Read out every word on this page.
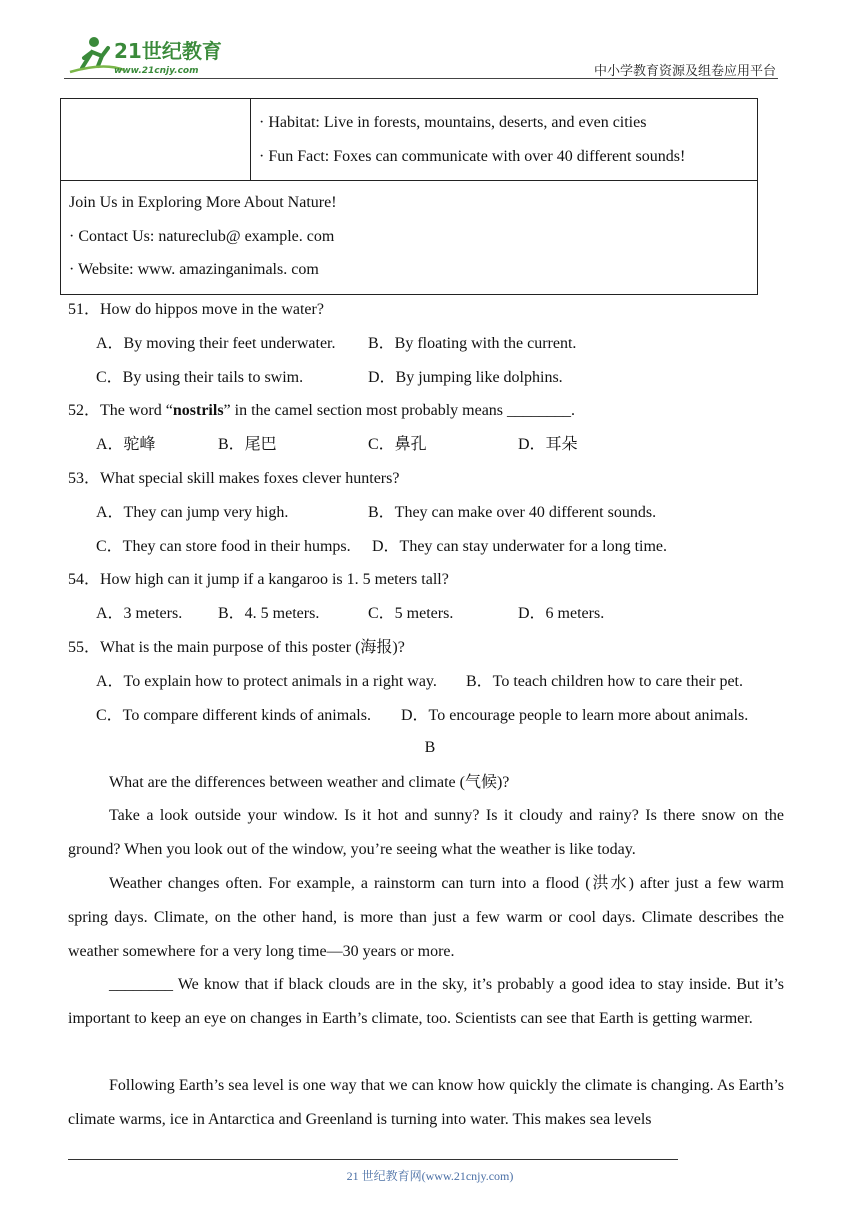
21世纪教育
www.21cnjy.com	中小学教育资源及组卷应用平台

· Habitat: Live in forests, mountains, deserts, and even cities
· Fun Fact: Foxes can communicate with over 40 different sounds!

Join Us in Exploring More About Nature!
· Contact Us: natureclub@ example. com
· Website: www. amazinganimals. com
51．How do hippos move in the water?
A．By moving their feet underwater. B．By floating with the current.
C．By using their tails to swim.	D．By jumping like dolphins.
52．The word “nostrils” in the camel section most probably means ________.
A．驼峰	B．尾巴	C．鼻孔	D．耳朵
53．What special skill makes foxes clever hunters?
A．They can jump very high.	B．They can make over 40 different sounds.
C．They can store food in their humps. D．They can stay underwater for a long time.
54．How high can it jump if a kangaroo is 1. 5 meters tall?
A．3 meters. B．4. 5 meters.	C．5 meters.	D．6 meters.
55．What is the main purpose of this poster (海报)?
A．To explain how to protect animals in a right way. B．To teach children how to care their pet.
C．To compare different kinds of animals. D．To encourage people to learn more about animals.
B
What are the differences between weather and climate (气候)?
Take a look outside your window. Is it hot and sunny? Is it cloudy and rainy? Is there snow on the ground? When you look out of the window, you’re seeing what the weather is like today.
Weather changes often. For example, a rainstorm can turn into a flood (洪水) after just a few warm spring days. Climate, on the other hand, is more than just a few warm or cool days. Climate describes the weather somewhere for a very long time—30 years or more.
________ We know that if black clouds are in the sky, it’s probably a good idea to stay inside. But it’s important to keep an eye on changes in Earth’s climate, too. Scientists can see that Earth is getting warmer.
Following Earth’s sea level is one way that we can know how quickly the climate is changing. As Earth’s climate warms, ice in Antarctica and Greenland is turning into water. This makes sea levels
21 世纪教育网(www.21cnjy.com)
